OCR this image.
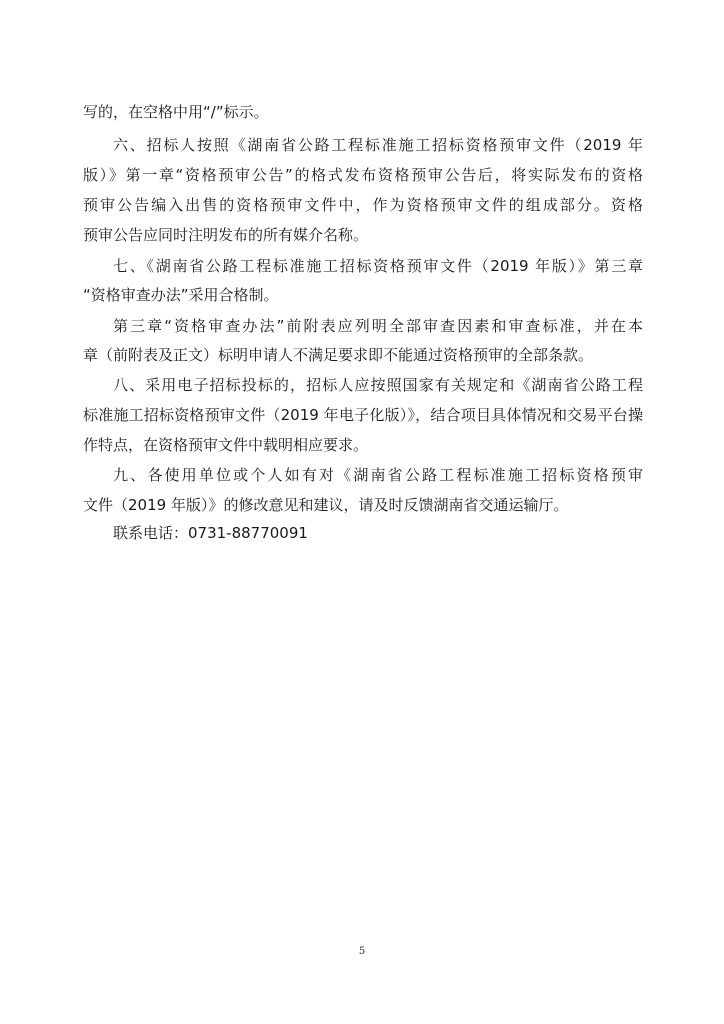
写的，在空格中用“/”标示。
六、招标人按照《湖南省公路工程标准施工招标资格预审文件（2019 年
版）》第一章“资格预审公告”的格式发布资格预审公告后，将实际发布的资格
预审公告编入出售的资格预审文件中，作为资格预审文件的组成部分。资格
预审公告应同时注明发布的所有媒介名称。
七、《湖南省公路工程标准施工招标资格预审文件（2019 年版）》第三章
“资格审查办法”采用合格制。
第三章“资格审查办法”前附表应列明全部审查因素和审查标准，并在本
章（前附表及正文）标明申请人不满足要求即不能通过资格预审的全部条款。
八、采用电子招标投标的，招标人应按照国家有关规定和《湖南省公路工程
标准施工招标资格预审文件（2019 年电子化版）》，结合项目具体情况和交易平台操
作特点，在资格预审文件中载明相应要求。
九、各使用单位或个人如有对《湖南省公路工程标准施工招标资格预审
文件（2019 年版）》的修改意见和建议，请及时反馈湖南省交通运输厅。
联系电话：0731-88770091
5
